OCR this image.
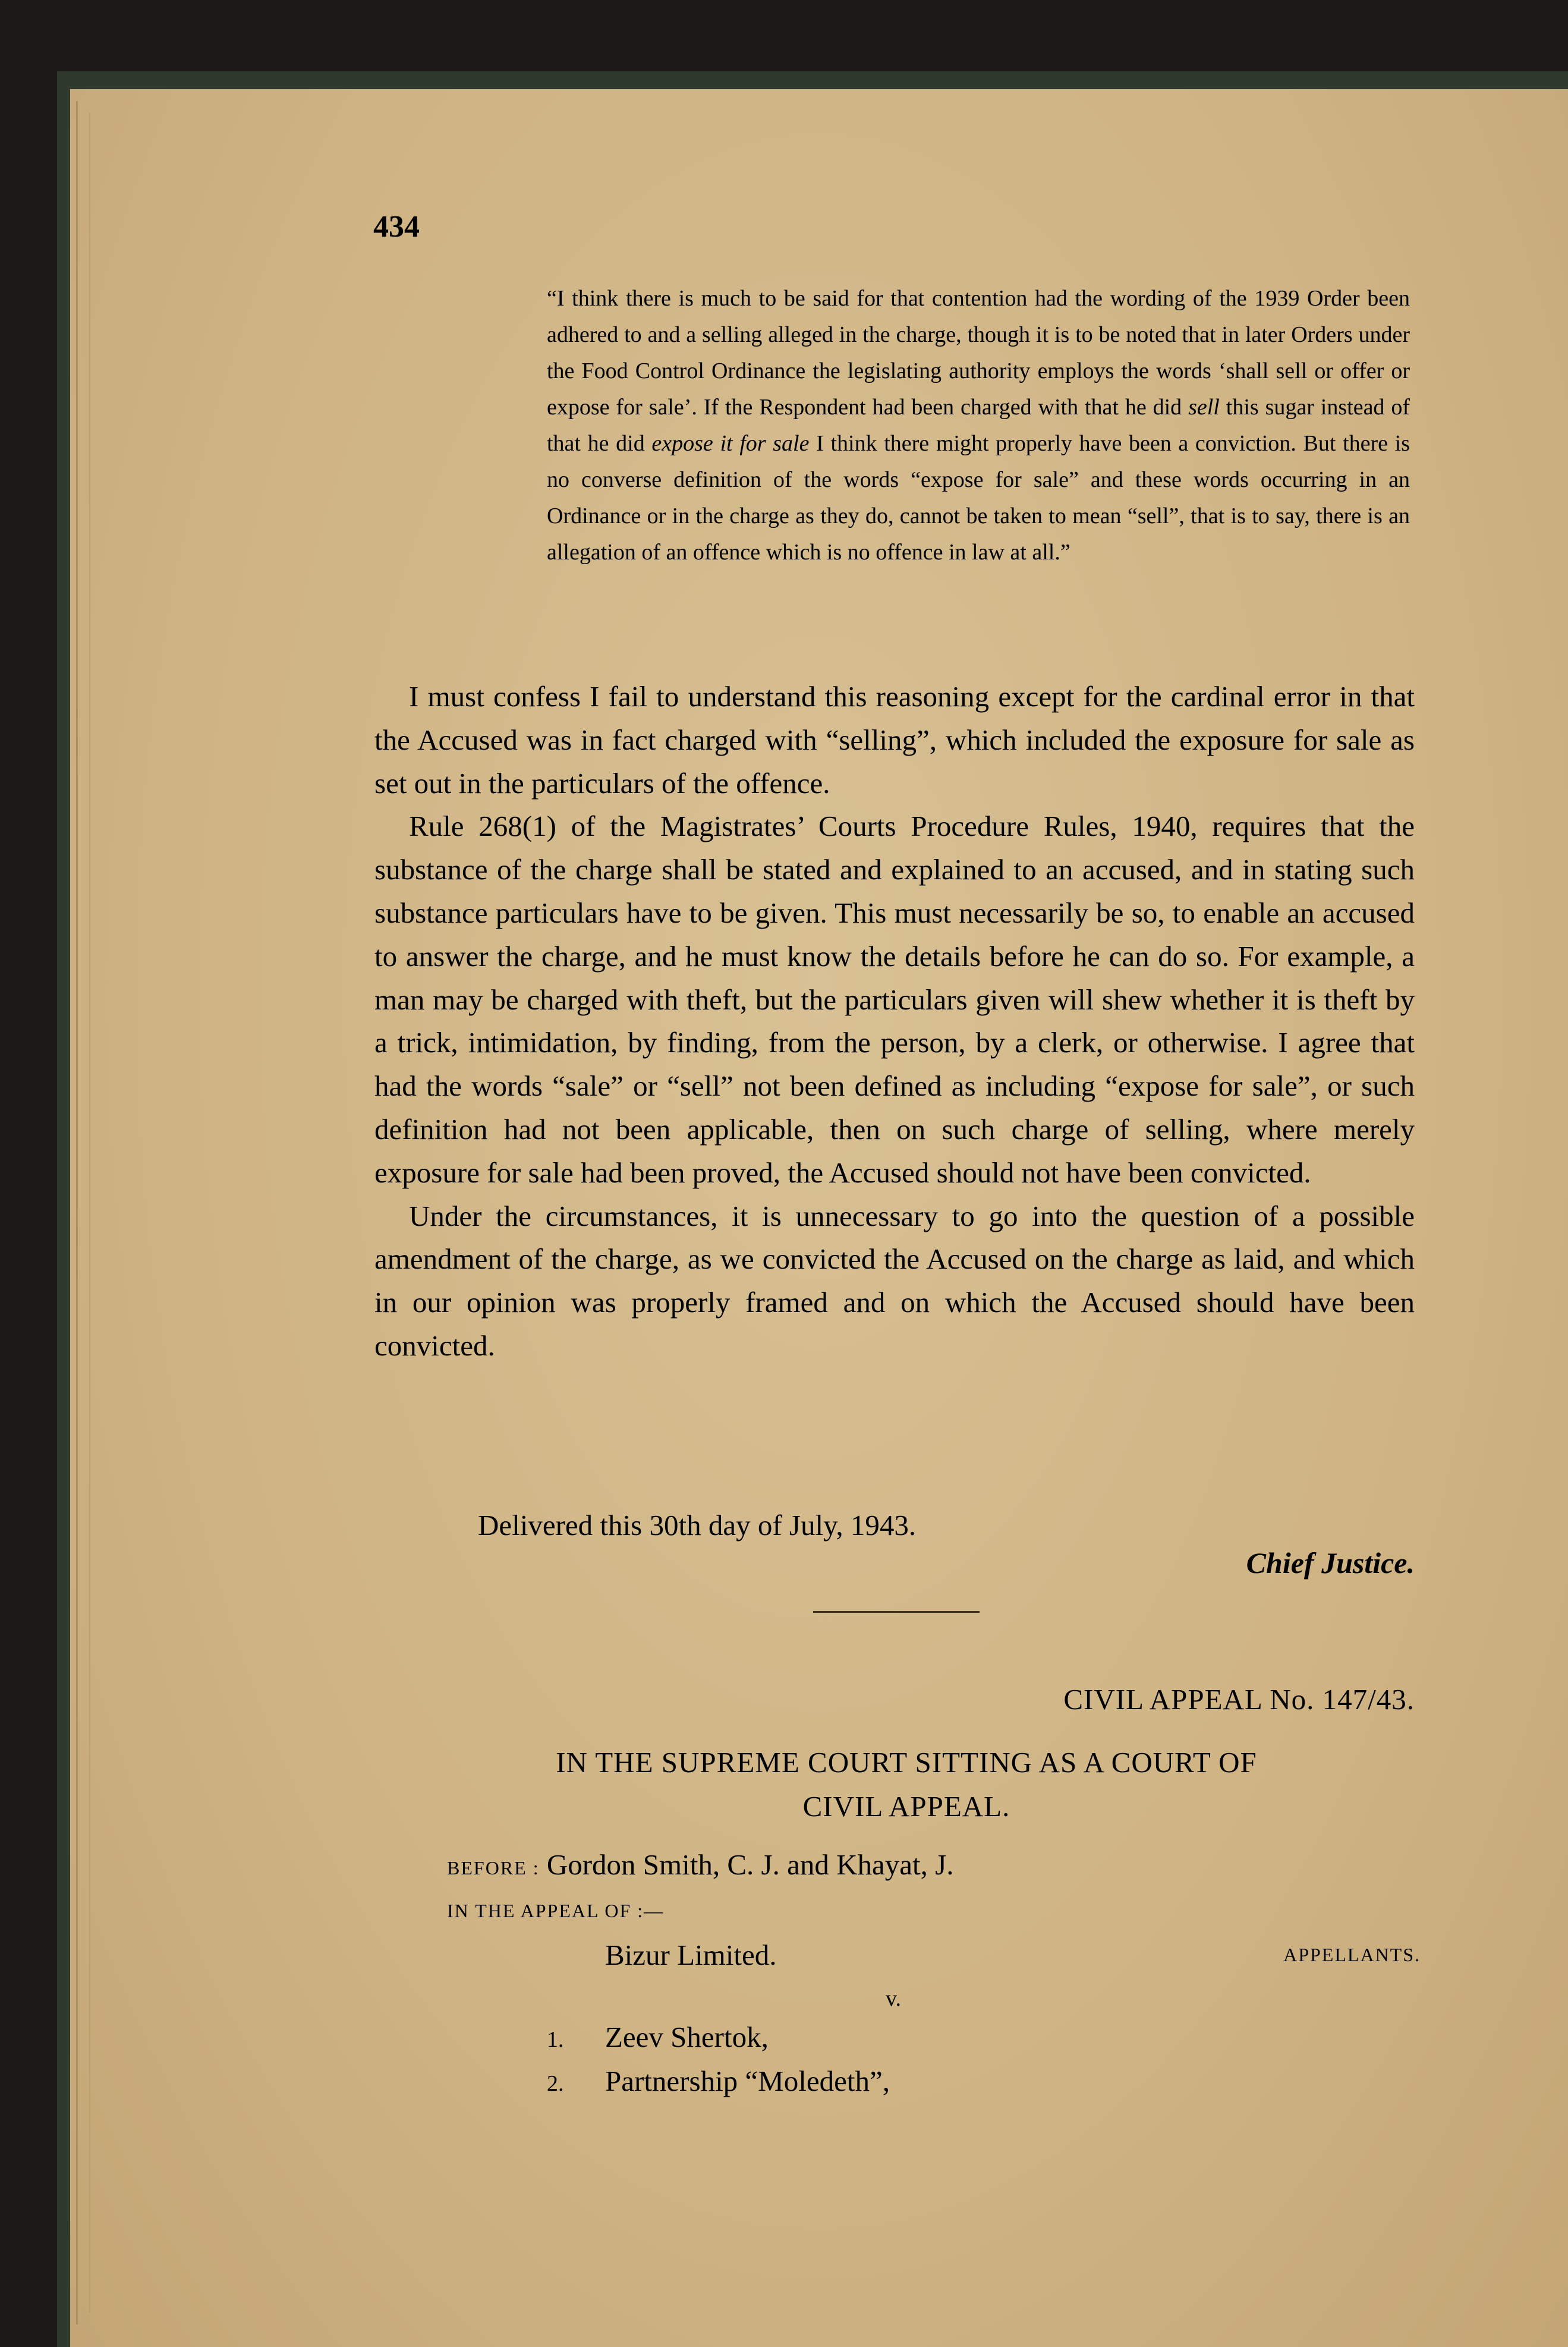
434

“I think there is much to be said for that contention had the wording of the 1939 Order been adhered to and a selling alleged in the charge, though it is to be noted that in later Orders under the Food Control Ordinance the legislating authority employs the words ‘shall sell or offer or expose for sale’. If the Respondent had been charged with that he did sell this sugar instead of that he did expose it for sale I think there might properly have been a conviction. But there is no converse definition of the words “expose for sale” and these words occurring in an Ordinance or in the charge as they do, cannot be taken to mean “sell”, that is to say, there is an allegation of an offence which is no offence in law at all.”

I must confess I fail to understand this reasoning except for the cardinal error in that the Accused was in fact charged with “selling”, which included the exposure for sale as set out in the particulars of the offence.

Rule 268(1) of the Magistrates’ Courts Procedure Rules, 1940, requires that the substance of the charge shall be stated and explained to an accused, and in stating such substance particulars have to be given. This must necessarily be so, to enable an accused to answer the charge, and he must know the details before he can do so. For example, a man may be charged with theft, but the particulars given will shew whether it is theft by a trick, intimidation, by finding, from the person, by a clerk, or otherwise. I agree that had the words “sale” or “sell” not been defined as including “expose for sale”, or such definition had not been applicable, then on such charge of selling, where merely exposure for sale had been proved, the Accused should not have been convicted.

Under the circumstances, it is unnecessary to go into the question of a possible amendment of the charge, as we convicted the Accused on the charge as laid, and which in our opinion was properly framed and on which the Accused should have been convicted.

Delivered this 30th day of July, 1943.
Chief Justice.
CIVIL APPEAL No. 147/43.
IN THE SUPREME COURT SITTING AS A COURT OF
CIVIL APPEAL.
BEFORE : Gordon Smith, C. J. and Khayat, J.
IN THE APPEAL OF :—
Bizur Limited.	APPELLANTS.
v.
1. Zeev Shertok,
2. Partnership “Moledeth”,
